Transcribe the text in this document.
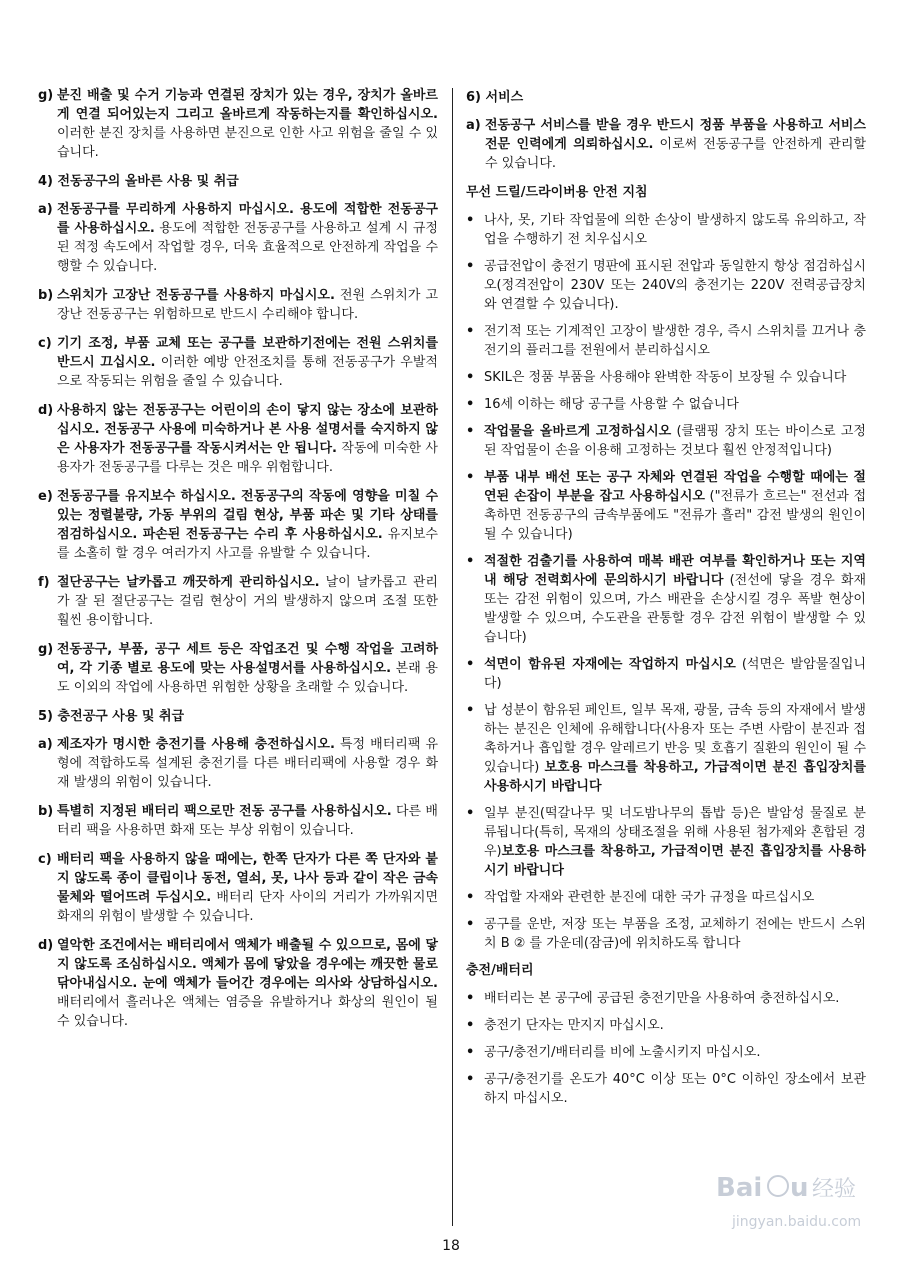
g) 분진 배출 및 수거 기능과 연결된 장치가 있는 경우, 장치가 올바르게 연결 되어있는지 그리고 올바르게 작동하는지를 확인하십시오. 이러한 분진 장치를 사용하면 분진으로 인한 사고 위험을 줄일 수 있습니다.
4) 전동공구의 올바른 사용 및 취급
a) 전동공구를 무리하게 사용하지 마십시오. 용도에 적합한 전동공구를 사용하십시오. 용도에 적합한 전동공구를 사용하고 설계 시 규정된 적정 속도에서 작업할 경우, 더욱 효율적으로 안전하게 작업을 수행할 수 있습니다.
b) 스위치가 고장난 전동공구를 사용하지 마십시오. 전원 스위치가 고장난 전동공구는 위험하므로 반드시 수리해야 합니다.
c) 기기 조정, 부품 교체 또는 공구를 보관하기전에는 전원 스위치를 반드시 끄십시오. 이러한 예방 안전조치를 통해 전동공구가 우발적으로 작동되는 위험을 줄일 수 있습니다.
d) 사용하지 않는 전동공구는 어린이의 손이 닿지 않는 장소에 보관하십시오. 전동공구 사용에 미숙하거나 본 사용 설명서를 숙지하지 않은 사용자가 전동공구를 작동시켜서는 안 됩니다. 작동에 미숙한 사용자가 전동공구를 다루는 것은 매우 위험합니다.
e) 전동공구를 유지보수 하십시오. 전동공구의 작동에 영향을 미칠 수 있는 정렬불량, 가동 부위의 걸림 현상, 부품 파손 및 기타 상태를 점검하십시오. 파손된 전동공구는 수리 후 사용하십시오. 유지보수를 소홀히 할 경우 여러가지 사고를 유발할 수 있습니다.
f) 절단공구는 날카롭고 깨끗하게 관리하십시오. 날이 날카롭고 관리가 잘 된 절단공구는 걸림 현상이 거의 발생하지 않으며 조절 또한 훨씬 용이합니다.
g) 전동공구, 부품, 공구 세트 등은 작업조건 및 수행 작업을 고려하여, 각 기종 별로 용도에 맞는 사용설명서를 사용하십시오. 본래 용도 이외의 작업에 사용하면 위험한 상황을 초래할 수 있습니다.
5) 충전공구 사용 및 취급
a) 제조자가 명시한 충전기를 사용해 충전하십시오. 특정 배터리팩 유형에 적합하도록 설계된 충전기를 다른 배터리팩에 사용할 경우 화재 발생의 위험이 있습니다.
b) 특별히 지정된 배터리 팩으로만 전동 공구를 사용하십시오. 다른 배터리 팩을 사용하면 화재 또는 부상 위험이 있습니다.
c) 배터리 팩을 사용하지 않을 때에는, 한쪽 단자가 다른 쪽 단자와 붙지 않도록 종이 클립이나 동전, 열쇠, 못, 나사 등과 같이 작은 금속 물체와 떨어뜨려 두십시오. 배터리 단자 사이의 거리가 가까워지면 화재의 위험이 발생할 수 있습니다.
d) 열악한 조건에서는 배터리에서 액체가 배출될 수 있으므로, 몸에 닿지 않도록 조심하십시오. 액체가 몸에 닿았을 경우에는 깨끗한 물로 닦아내십시오. 눈에 액체가 들어간 경우에는 의사와 상담하십시오. 배터리에서 흘러나온 액체는 염증을 유발하거나 화상의 원인이 될 수 있습니다.
6) 서비스
a) 전동공구 서비스를 받을 경우 반드시 정품 부품을 사용하고 서비스 전문 인력에게 의뢰하십시오. 이로써 전동공구를 안전하게 관리할 수 있습니다.
무선 드릴/드라이버용 안전 지침
• 나사, 못, 기타 작업물에 의한 손상이 발생하지 않도록 유의하고, 작업을 수행하기 전 치우십시오
• 공급전압이 충전기 명판에 표시된 전압과 동일한지 항상 점검하십시오(정격전압이 230V 또는 240V의 충전기는 220V 전력공급장치와 연결할 수 있습니다).
• 전기적 또는 기계적인 고장이 발생한 경우, 즉시 스위치를 끄거나 충전기의 플러그를 전원에서 분리하십시오
• SKIL은 정품 부품을 사용해야 완벽한 작동이 보장될 수 있습니다
• 16세 이하는 해당 공구를 사용할 수 없습니다
• 작업물을 올바르게 고정하십시오 (클램핑 장치 또는 바이스로 고정된 작업물이 손을 이용해 고정하는 것보다 훨씬 안정적입니다)
• 부품 내부 배선 또는 공구 자체와 연결된 작업을 수행할 때에는 절연된 손잡이 부분을 잡고 사용하십시오 ("전류가 흐르는" 전선과 접촉하면 전동공구의 금속부품에도 "전류가 흘러" 감전 발생의 원인이 될 수 있습니다)
• 적절한 검출기를 사용하여 매복 배관 여부를 확인하거나 또는 지역 내 해당 전력회사에 문의하시기 바랍니다 (전선에 닿을 경우 화재 또는 감전 위험이 있으며, 가스 배관을 손상시킬 경우 폭발 현상이 발생할 수 있으며, 수도관을 관통할 경우 감전 위험이 발생할 수 있습니다)
• 석면이 함유된 자재에는 작업하지 마십시오 (석면은 발암물질입니다)
• 납 성분이 함유된 페인트, 일부 목재, 광물, 금속 등의 자재에서 발생하는 분진은 인체에 유해합니다(사용자 또는 주변 사람이 분진과 접촉하거나 흡입할 경우 알레르기 반응 및 호흡기 질환의 원인이 될 수 있습니다) 보호용 마스크를 착용하고, 가급적이면 분진 흡입장치를 사용하시기 바랍니다
• 일부 분진(떡갈나무 및 너도밤나무의 톱밥 등)은 발암성 물질로 분류됩니다(특히, 목재의 상태조절을 위해 사용된 첨가제와 혼합된 경우)보호용 마스크를 착용하고, 가급적이면 분진 흡입장치를 사용하시기 바랍니다
• 작업할 자재와 관련한 분진에 대한 국가 규정을 따르십시오
• 공구를 운반, 저장 또는 부품을 조정, 교체하기 전에는 반드시 스위치 B ② 를 가운데(잠금)에 위치하도록 합니다
충전/배터리
• 배터리는 본 공구에 공급된 충전기만을 사용하여 충전하십시오.
• 충전기 단자는 만지지 마십시오.
• 공구/충전기/배터리를 비에 노출시키지 마십시오.
• 공구/충전기를 온도가 40°C 이상 또는 0°C 이하인 장소에서 보관하지 마십시오.
18
Bai u 经验
jingyan.baidu.com
